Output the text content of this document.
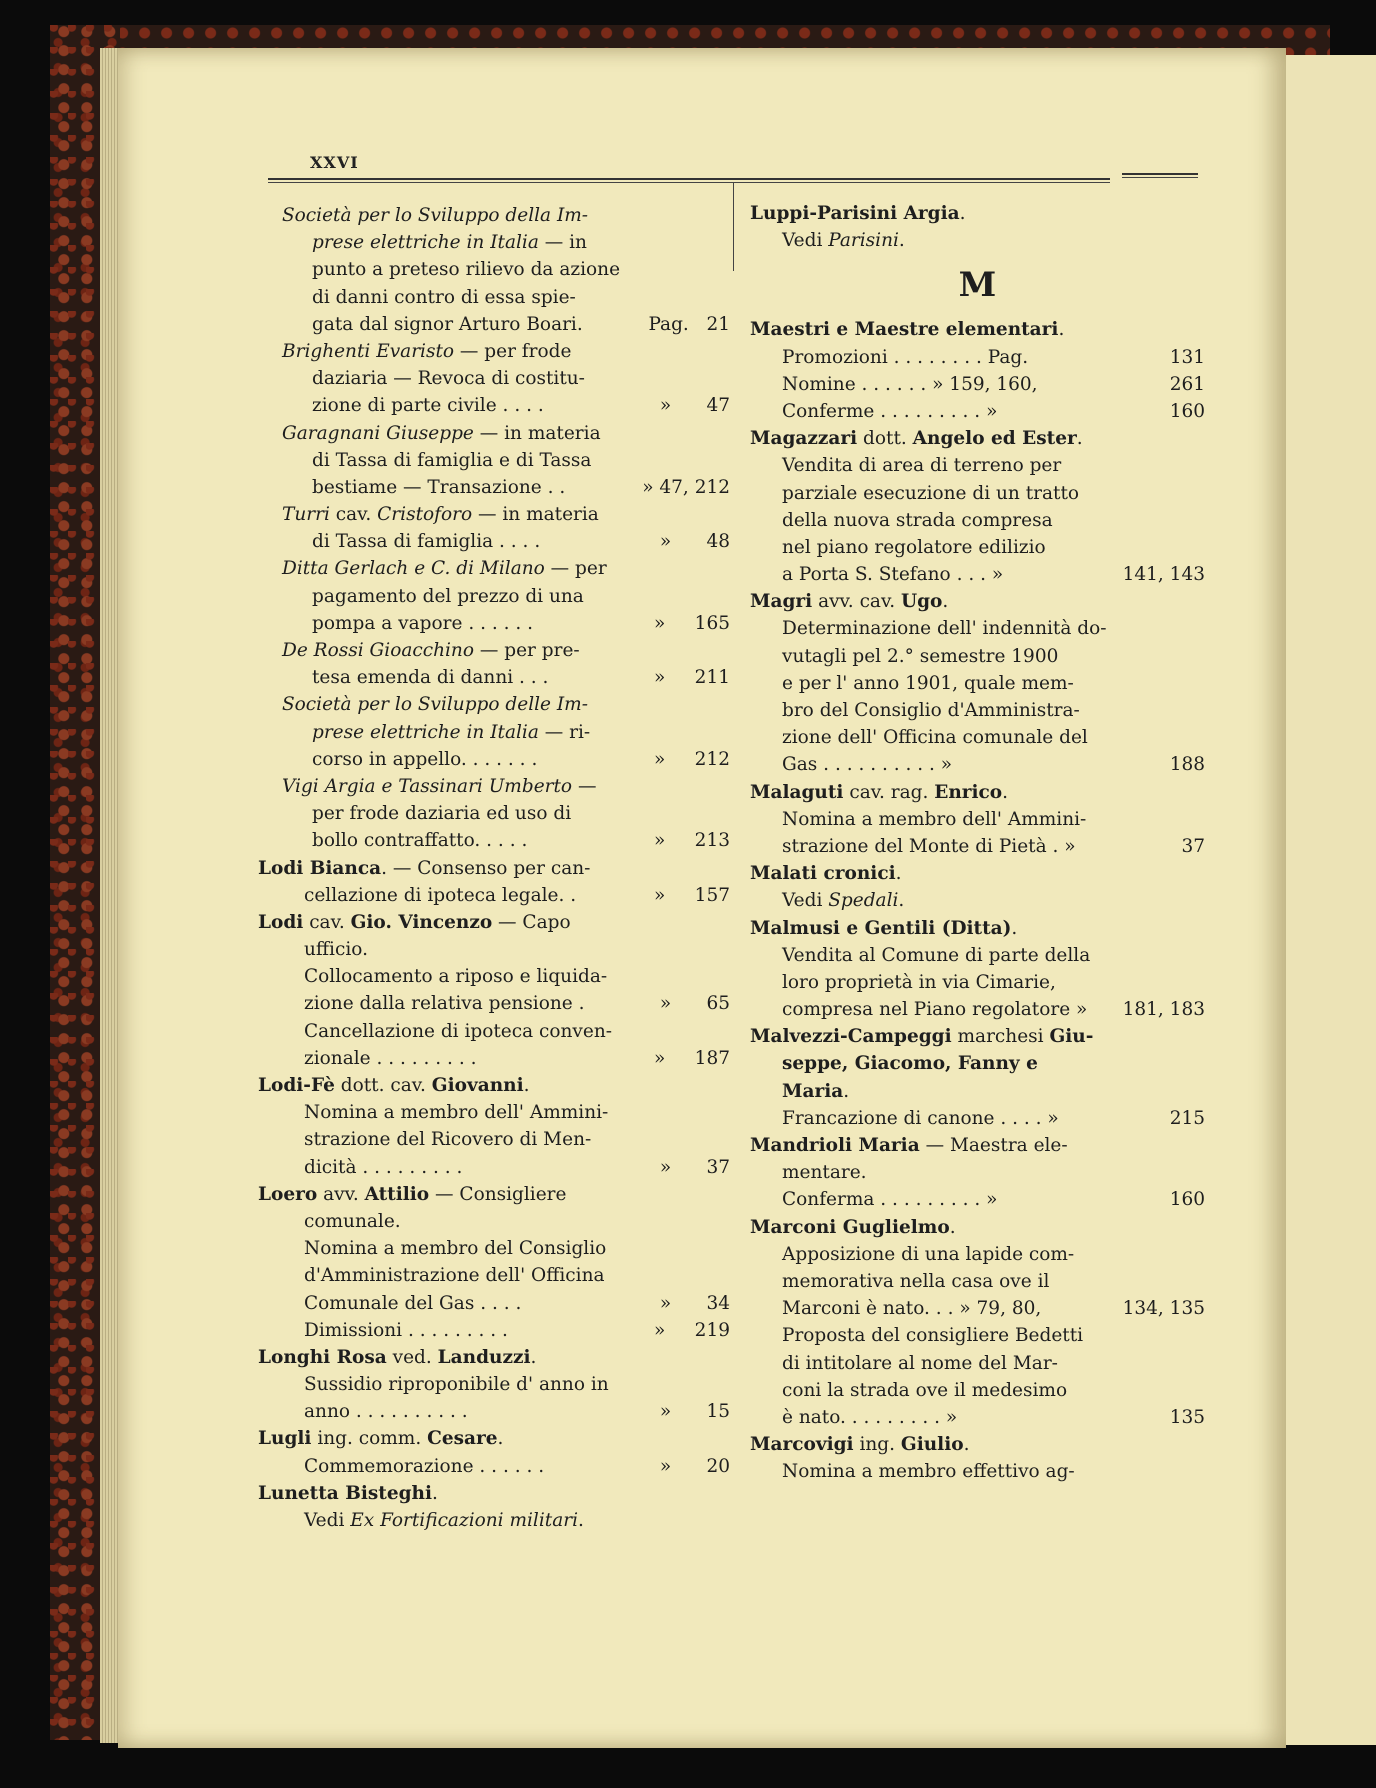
XXVI
Società per lo Sviluppo della Im-
prese elettriche in Italia — in
punto a preteso rilievo da azione
di danni contro di essa spie-
gata dal signor Arturo Boari.	Pag.   21
Brighenti Evaristo — per frode
daziaria — Revoca di costitu-
zione di parte civile . . . .	»      47
Garagnani Giuseppe — in materia
di Tassa di famiglia e di Tassa
bestiame — Transazione . .	» 47, 212
Turri cav. Cristoforo — in materia
di Tassa di famiglia . . . .	»      48
Ditta Gerlach e C. di Milano — per
pagamento del prezzo di una
pompa a vapore . . . . . .	»     165
De Rossi Gioacchino — per pre-
tesa emenda di danni . . .	»     211
Società per lo Sviluppo delle Im-
prese elettriche in Italia — ri-
corso in appello. . . . . . .	»     212
Vigi Argia e Tassinari Umberto —
per frode daziaria ed uso di
bollo contraffatto. . . . .	»     213
Lodi Bianca. — Consenso per can-
cellazione di ipoteca legale. .	»     157
Lodi cav. Gio. Vincenzo — Capo
ufficio.
Collocamento a riposo e liquida-
zione dalla relativa pensione .	»      65
Cancellazione di ipoteca conven-
zionale . . . . . . . . .	»     187
Lodi-Fè dott. cav. Giovanni.
Nomina a membro dell' Ammini-
strazione del Ricovero di Men-
dicità . . . . . . . . .	»      37
Loero avv. Attilio — Consigliere
comunale.
Nomina a membro del Consiglio
d'Amministrazione dell' Officina
Comunale del Gas . . . .	»      34
Dimissioni . . . . . . . . .	»     219
Longhi Rosa ved. Landuzzi.
Sussidio riproponibile d' anno in
anno . . . . . . . . . .	»      15
Lugli ing. comm. Cesare.
Commemorazione . . . . . .	»      20
Lunetta Bisteghi.
Vedi Ex Fortificazioni militari.
Luppi-Parisini Argia.
Vedi Parisini.
M
Maestri e Maestre elementari.
Promozioni . . . . . . . . Pag.	131
Nomine . . . . . . » 159, 160,	261
Conferme . . . . . . . . . »	160
Magazzari dott. Angelo ed Ester.
Vendita di area di terreno per
parziale esecuzione di un tratto
della nuova strada compresa
nel piano regolatore edilizio
a Porta S. Stefano . . . »	141, 143
Magri avv. cav. Ugo.
Determinazione dell' indennità do-
vutagli pel 2.° semestre 1900
e per l' anno 1901, quale mem-
bro del Consiglio d'Amministra-
zione dell' Officina comunale del
Gas . . . . . . . . . . »	188
Malaguti cav. rag. Enrico.
Nomina a membro dell' Ammini-
strazione del Monte di Pietà . »	37
Malati cronici.
Vedi Spedali.
Malmusi e Gentili (Ditta).
Vendita al Comune di parte della
loro proprietà in via Cimarie,
compresa nel Piano regolatore » 181, 183
Malvezzi-Campeggi marchesi Giu-
seppe, Giacomo, Fanny e
Maria.
Francazione di canone . . . . »	215
Mandrioli Maria — Maestra ele-
mentare.
Conferma . . . . . . . . . »	160
Marconi Guglielmo.
Apposizione di una lapide com-
memorativa nella casa ove il
Marconi è nato. . . » 79, 80,	134, 135
Proposta del consigliere Bedetti
di intitolare al nome del Mar-
coni la strada ove il medesimo
è nato. . . . . . . . . »	135
Marcovigi ing. Giulio.
Nomina a membro effettivo ag-
